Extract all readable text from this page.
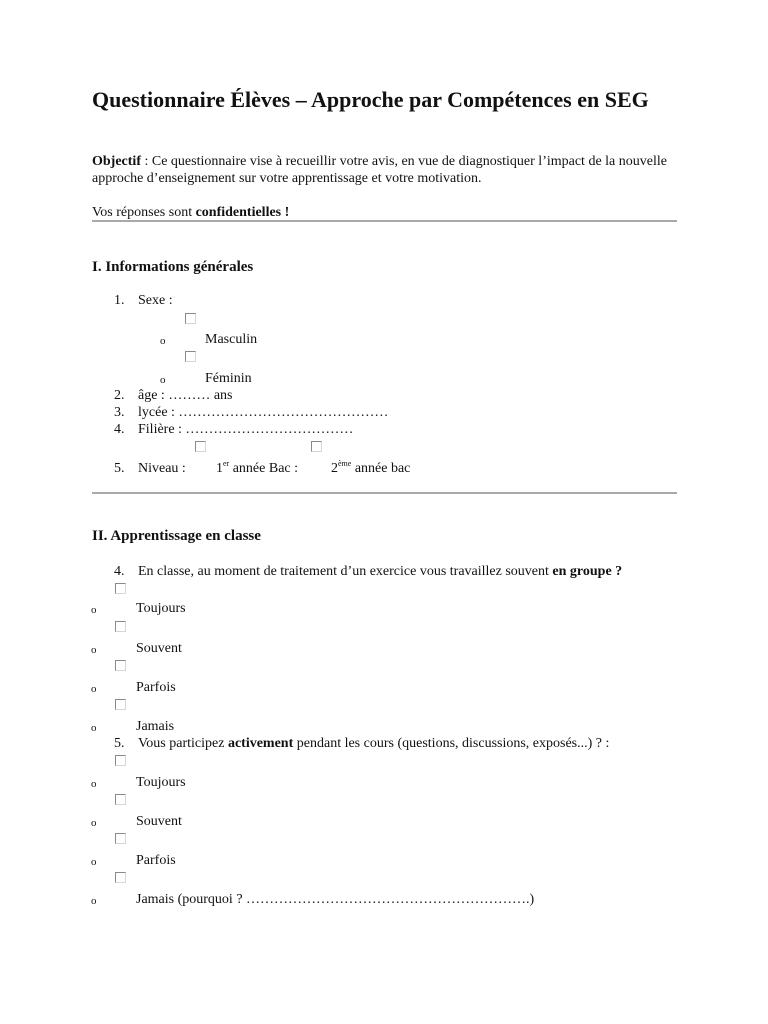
Questionnaire Élèves – Approche par Compétences en SEG
Objectif : Ce questionnaire vise à recueillir votre avis, en vue de diagnostiquer l’impact de la nouvelle approche d’enseignement sur votre apprentissage et votre motivation.
Vos réponses sont confidentielles !
I. Informations générales
1. Sexe :
o	Masculin
o	Féminin
2. âge : ……… ans
3. lycée : ………………………………………
4. Filière : ………………………………
5. Niveau : 1er année Bac : 2ème année bac
II. Apprentissage en classe
4. En classe, au moment de traitement d’un exercice vous travaillez souvent en groupe ?
o	Toujours
o	Souvent
o	Parfois
o	Jamais
5. Vous participez activement pendant les cours (questions, discussions, exposés...) ? :
o	Toujours
o	Souvent
o	Parfois
o	Jamais (pourquoi ? …………………………………………………….)
